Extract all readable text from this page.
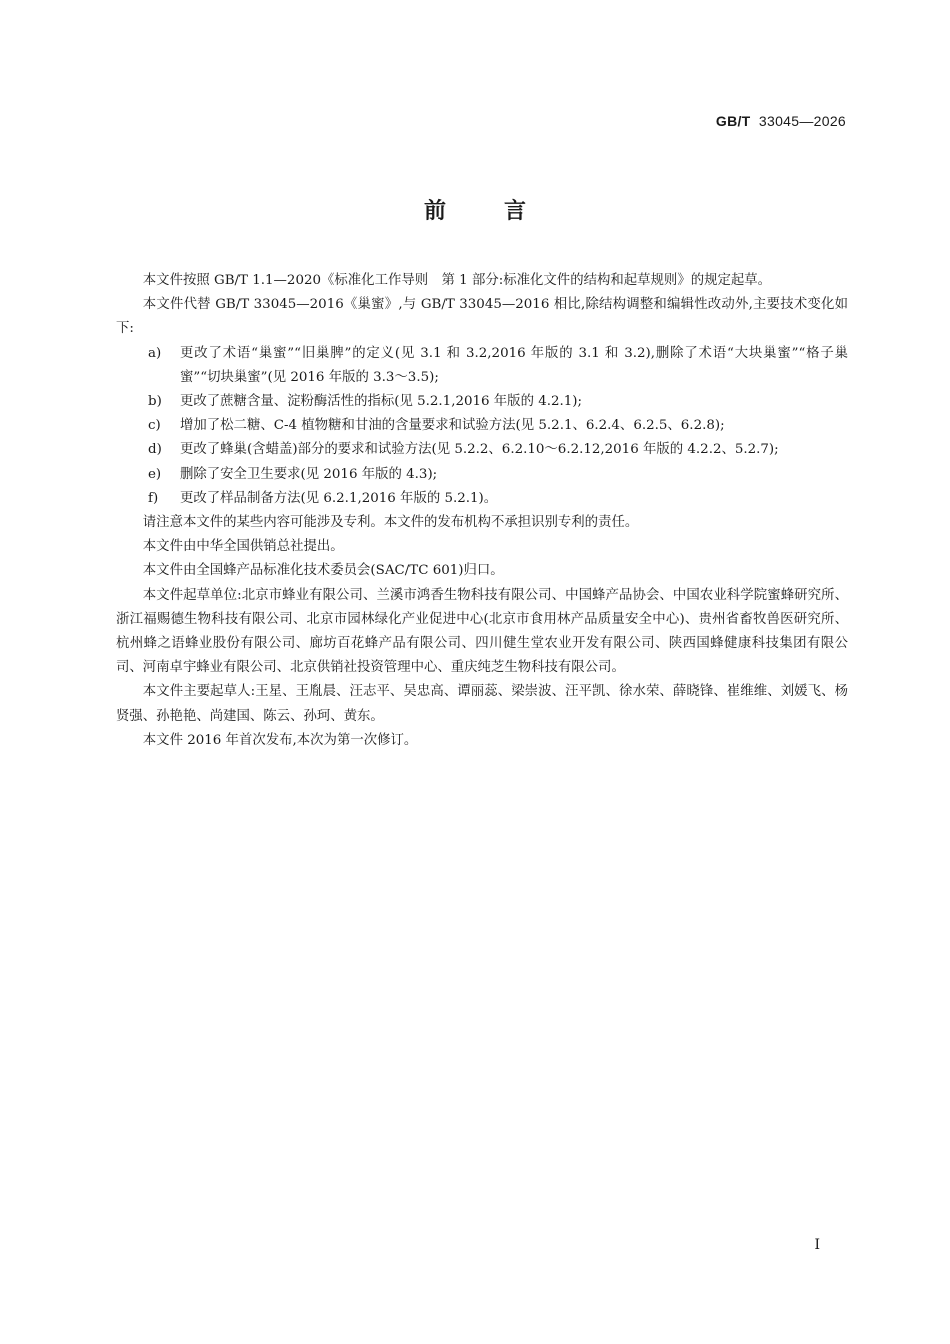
GB/T 33045—2026
前言

本文件按照 GB/T 1.1—2020《标准化工作导则　第 1 部分:标准化文件的结构和起草规则》的规定起草。

本文件代替 GB/T 33045—2016《巢蜜》,与 GB/T 33045—2016 相比,除结构调整和编辑性改动外,主要技术变化如下:

a) 更改了术语“巢蜜”“旧巢脾”的定义(见 3.1 和 3.2,2016 年版的 3.1 和 3.2),删除了术语“大块巢蜜”“格子巢蜜”“切块巢蜜”(见 2016 年版的 3.3～3.5);

b) 更改了蔗糖含量、淀粉酶活性的指标(见 5.2.1,2016 年版的 4.2.1);

c) 增加了松二糖、C-4 植物糖和甘油的含量要求和试验方法(见 5.2.1、6.2.4、6.2.5、6.2.8);

d) 更改了蜂巢(含蜡盖)部分的要求和试验方法(见 5.2.2、6.2.10～6.2.12,2016 年版的 4.2.2、5.2.7);

e) 删除了安全卫生要求(见 2016 年版的 4.3);

f) 更改了样品制备方法(见 6.2.1,2016 年版的 5.2.1)。

请注意本文件的某些内容可能涉及专利。本文件的发布机构不承担识别专利的责任。

本文件由中华全国供销总社提出。

本文件由全国蜂产品标准化技术委员会(SAC/TC 601)归口。

本文件起草单位:北京市蜂业有限公司、兰溪市鸿香生物科技有限公司、中国蜂产品协会、中国农业科学院蜜蜂研究所、浙江福赐德生物科技有限公司、北京市园林绿化产业促进中心(北京市食用林产品质量安全中心)、贵州省畜牧兽医研究所、杭州蜂之语蜂业股份有限公司、廊坊百花蜂产品有限公司、四川健生堂农业开发有限公司、陕西国蜂健康科技集团有限公司、河南卓宇蜂业有限公司、北京供销社投资管理中心、重庆纯芝生物科技有限公司。

本文件主要起草人:王星、王胤晨、汪志平、吴忠高、谭丽蕊、梁崇波、汪平凯、徐水荣、薛晓锋、崔维维、刘媛飞、杨贤强、孙艳艳、尚建国、陈云、孙珂、黄东。

本文件 2016 年首次发布,本次为第一次修订。

I
